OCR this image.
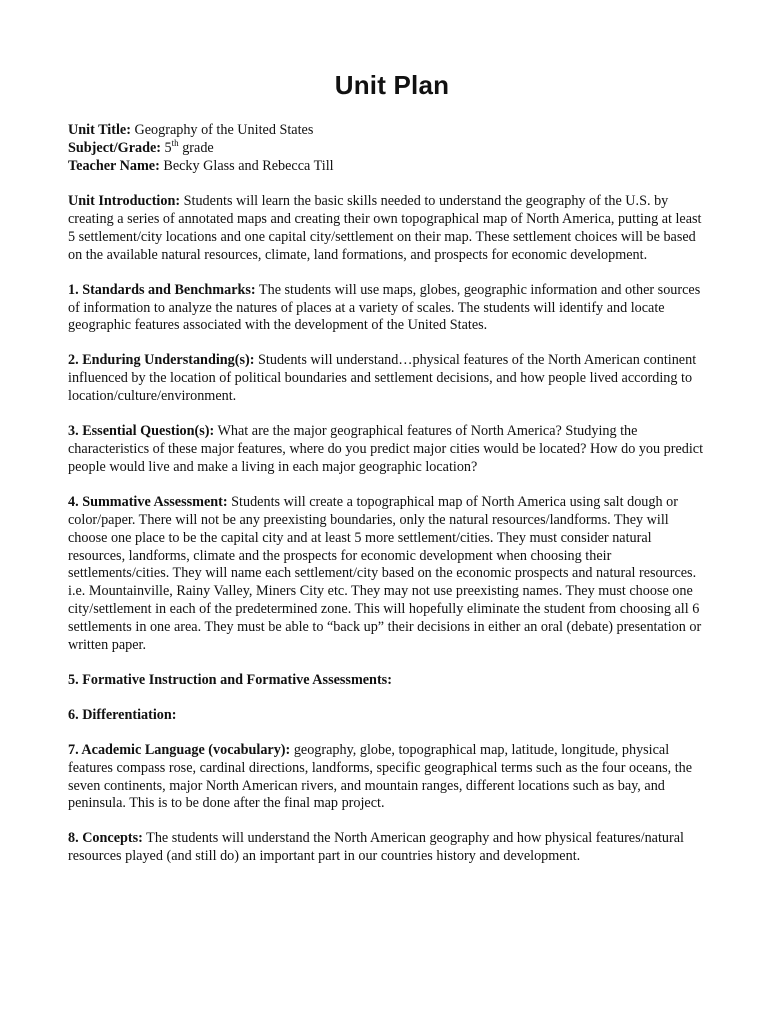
Unit Plan

Unit Title: Geography of the United States

Subject/Grade: 5th grade

Teacher Name: Becky Glass and Rebecca Till

Unit Introduction: Students will learn the basic skills needed to understand the geography of the U.S. by creating a series of annotated maps and creating their own topographical map of North America, putting at least 5 settlement/city locations and one capital city/settlement on their map. These settlement choices will be based on the available natural resources, climate, land formations, and prospects for economic development.

1. Standards and Benchmarks: The students will use maps, globes, geographic information and other sources of information to analyze the natures of places at a variety of scales. The students will identify and locate geographic features associated with the development of the United States.

2. Enduring Understanding(s): Students will understand…physical features of the North American continent influenced by the location of political boundaries and settlement decisions, and how people lived according to location/culture/environment.

3. Essential Question(s): What are the major geographical features of North America? Studying the characteristics of these major features, where do you predict major cities would be located? How do you predict people would live and make a living in each major geographic location?

4. Summative Assessment: Students will create a topographical map of North America using salt dough or color/paper. There will not be any preexisting boundaries, only the natural resources/landforms. They will choose one place to be the capital city and at least 5 more settlement/cities. They must consider natural resources, landforms, climate and the prospects for economic development when choosing their settlements/cities. They will name each settlement/city based on the economic prospects and natural resources. i.e. Mountainville, Rainy Valley, Miners City etc. They may not use preexisting names. They must choose one city/settlement in each of the predetermined zone. This will hopefully eliminate the student from choosing all 6 settlements in one area. They must be able to “back up” their decisions in either an oral (debate) presentation or written paper.

5. Formative Instruction and Formative Assessments:

6. Differentiation:

7. Academic Language (vocabulary): geography, globe, topographical map, latitude, longitude, physical features compass rose, cardinal directions, landforms, specific geographical terms such as the four oceans, the seven continents, major North American rivers, and mountain ranges, different locations such as bay, and peninsula. This is to be done after the final map project.

8. Concepts: The students will understand the North American geography and how physical features/natural resources played (and still do) an important part in our countries history and development.
